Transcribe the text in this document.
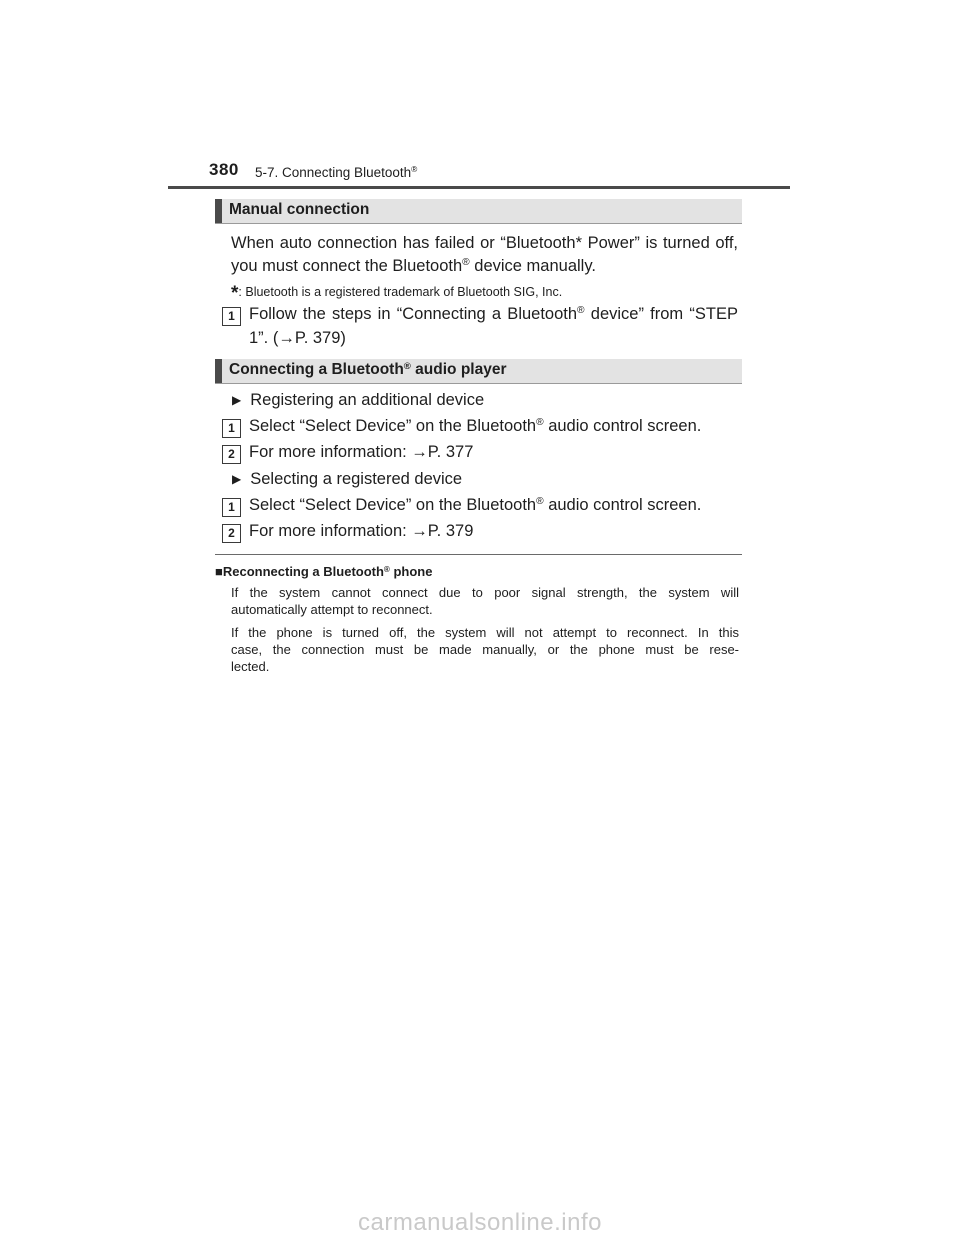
380 5-7. Connecting Bluetooth®
Manual connection
When auto connection has failed or “Bluetooth* Power” is turned off,
you must connect the Bluetooth® device manually.
*: Bluetooth is a registered trademark of Bluetooth SIG, Inc.
1 Follow the steps in “Connecting a Bluetooth® device” from “STEP
1”. (→P. 379)
Connecting a Bluetooth® audio player
▶ Registering an additional device
1 Select “Select Device” on the Bluetooth® audio control screen.
2 For more information: →P. 377
▶ Selecting a registered device
1 Select “Select Device” on the Bluetooth® audio control screen.
2 For more information: →P. 379
■Reconnecting a Bluetooth® phone
If the system cannot connect due to poor signal strength, the system will
automatically attempt to reconnect.
If the phone is turned off, the system will not attempt to reconnect. In this
case, the connection must be made manually, or the phone must be rese-
lected.
carmanualsonline.info
